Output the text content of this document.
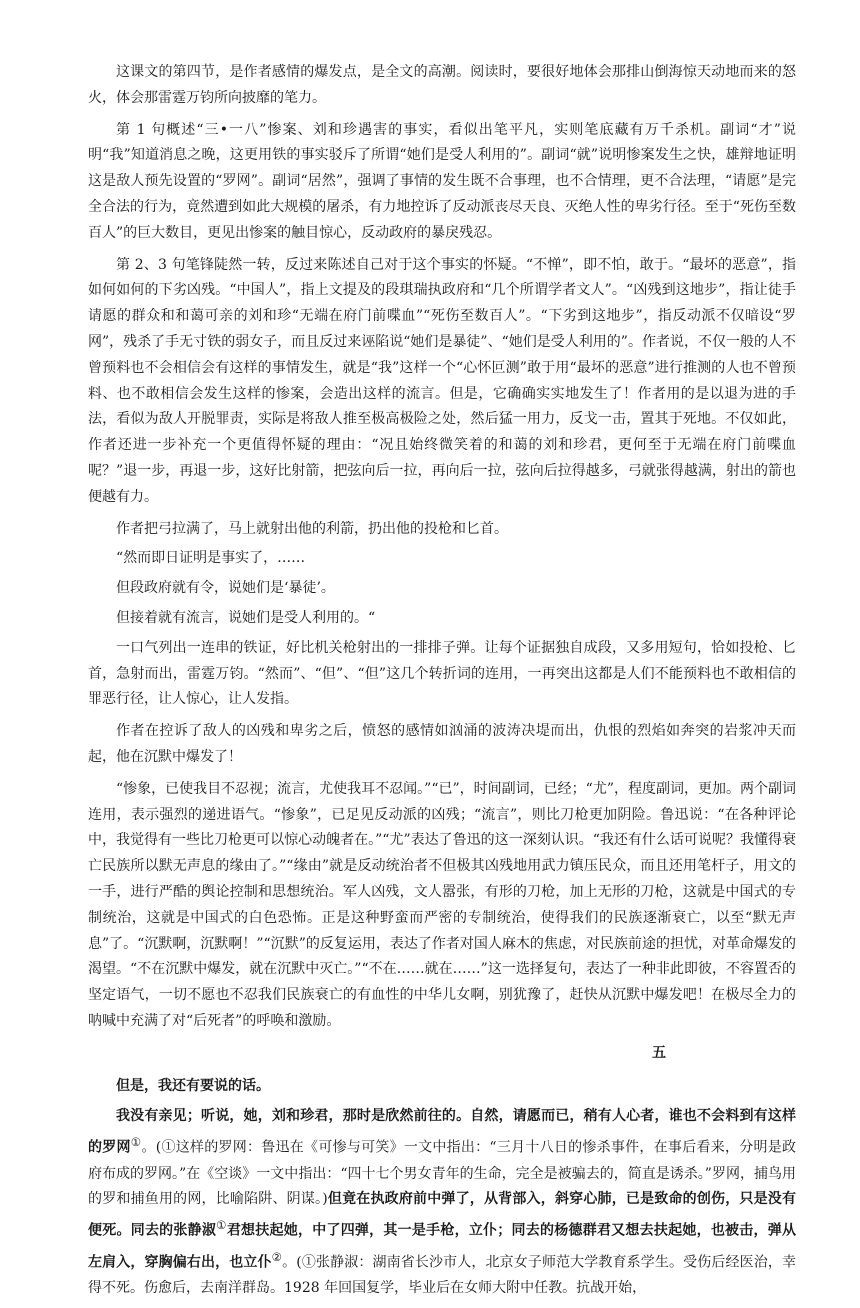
这课文的第四节，是作者感情的爆发点，是全文的高潮。阅读时，要很好地体会那排山倒海惊天动地而来的怒火，体会那雷霆万钧所向披靡的笔力。

第 1 句概述“三•一八”惨案、刘和珍遇害的事实，看似出笔平凡，实则笔底藏有万千杀机。副词“才”说明“我”知道消息之晚，这更用铁的事实驳斥了所谓“她们是受人利用的”。副词“就”说明惨案发生之快，雄辩地证明这是敌人预先设置的“罗网”。副词“居然”，强调了事情的发生既不合事理，也不合情理，更不合法理，“请愿”是完全合法的行为，竟然遭到如此大规模的屠杀，有力地控诉了反动派丧尽天良、灭绝人性的卑劣行径。至于“死伤至数百人”的巨大数目，更见出惨案的触目惊心，反动政府的暴戾残忍。

第 2、3 句笔锋陡然一转，反过来陈述自己对于这个事实的怀疑。“不惮”，即不怕，敢于。“最坏的恶意”，指如何如何的下劣凶残。“中国人”，指上文提及的段琪瑞执政府和“几个所谓学者文人”。“凶残到这地步”，指让徒手请愿的群众和和蔼可亲的刘和珍“无端在府门前喋血”“死伤至数百人”。“下劣到这地步”，指反动派不仅暗设“罗网”，残杀了手无寸铁的弱女子，而且反过来诬陷说“她们是暴徒”、“她们是受人利用的”。作者说，不仅一般的人不曾预料也不会相信会有这样的事情发生，就是“我”这样一个“心怀叵测”敢于用“最坏的恶意”进行推测的人也不曾预料、也不敢相信会发生这样的惨案，会造出这样的流言。但是，它确确实实地发生了！作者用的是以退为进的手法，看似为敌人开脱罪责，实际是将敌人推至极高极险之处，然后猛一用力，反戈一击，置其于死地。不仅如此，作者还进一步补充一个更值得怀疑的理由：“况且始终微笑着的和蔼的刘和珍君，更何至于无端在府门前喋血呢？”退一步，再退一步，这好比射箭，把弦向后一拉，再向后一拉，弦向后拉得越多，弓就张得越满，射出的箭也便越有力。

作者把弓拉满了，马上就射出他的利箭，扔出他的投枪和匕首。

“然而即日证明是事实了，……

但段政府就有令，说她们是‘暴徒’。

但接着就有流言，说她们是受人利用的。“

一口气列出一连串的铁证，好比机关枪射出的一排排子弹。让每个证据独自成段，又多用短句，恰如投枪、匕首，急射而出，雷霆万钧。“然而”、“但”、“但”这几个转折词的连用，一再突出这都是人们不能预料也不敢相信的罪恶行径，让人惊心，让人发指。

作者在控诉了敌人的凶残和卑劣之后，愤怒的感情如汹涌的波涛决堤而出，仇恨的烈焰如奔突的岩浆冲天而起，他在沉默中爆发了！

“惨象，已使我目不忍视；流言，尤使我耳不忍闻。”“已”，时间副词，已经；“尤”，程度副词，更加。两个副词连用，表示强烈的递进语气。“惨象”，已足见反动派的凶残；“流言”，则比刀枪更加阴险。鲁迅说：“在各种评论中，我觉得有一些比刀枪更可以惊心动魄者在。”“尤”表达了鲁迅的这一深刻认识。“我还有什么话可说呢？我懂得衰亡民族所以默无声息的缘由了。”“缘由”就是反动统治者不但极其凶残地用武力镇压民众，而且还用笔杆子，用文的一手，进行严酷的舆论控制和思想统治。军人凶残，文人嚣张，有形的刀枪，加上无形的刀枪，这就是中国式的专制统治，这就是中国式的白色恐怖。正是这种野蛮而严密的专制统治，使得我们的民族逐渐衰亡，以至“默无声息”了。“沉默啊，沉默啊！”“沉默”的反复运用，表达了作者对国人麻木的焦虑，对民族前途的担忧，对革命爆发的渴望。“不在沉默中爆发，就在沉默中灭亡。”“不在……就在……”这一选择复句，表达了一种非此即彼，不容置否的坚定语气，一切不愿也不忍我们民族衰亡的有血性的中华儿女啊，别犹豫了，赶快从沉默中爆发吧！在极尽全力的呐喊中充满了对“后死者”的呼唤和激励。

五

但是，我还有要说的话。

我没有亲见；听说，她，刘和珍君，那时是欣然前往的。自然，请愿而已，稍有人心者，谁也不会料到有这样的罗网①。(①这样的罗网：鲁迅在《可惨与可笑》一文中指出：“三月十八日的惨杀事件，在事后看来，分明是政府布成的罗网。”在《空谈》一文中指出：“四十七个男女青年的生命，完全是被骗去的，简直是诱杀。”罗网，捕鸟用的罗和捕鱼用的网，比喻陷阱、阴谋。)但竟在执政府前中弹了，从背部入，斜穿心肺，已是致命的创伤，只是没有便死。同去的张静淑①君想扶起她，中了四弹，其一是手枪，立仆；同去的杨德群君又想去扶起她，也被击，弹从左肩入，穿胸偏右出，也立仆②。(①张静淑：湖南省长沙市人，北京女子师范大学教育系学生。受伤后经医治，幸得不死。伤愈后，去南洋群岛。1928 年回国复学，毕业后在女师大附中任教。抗战开始，
